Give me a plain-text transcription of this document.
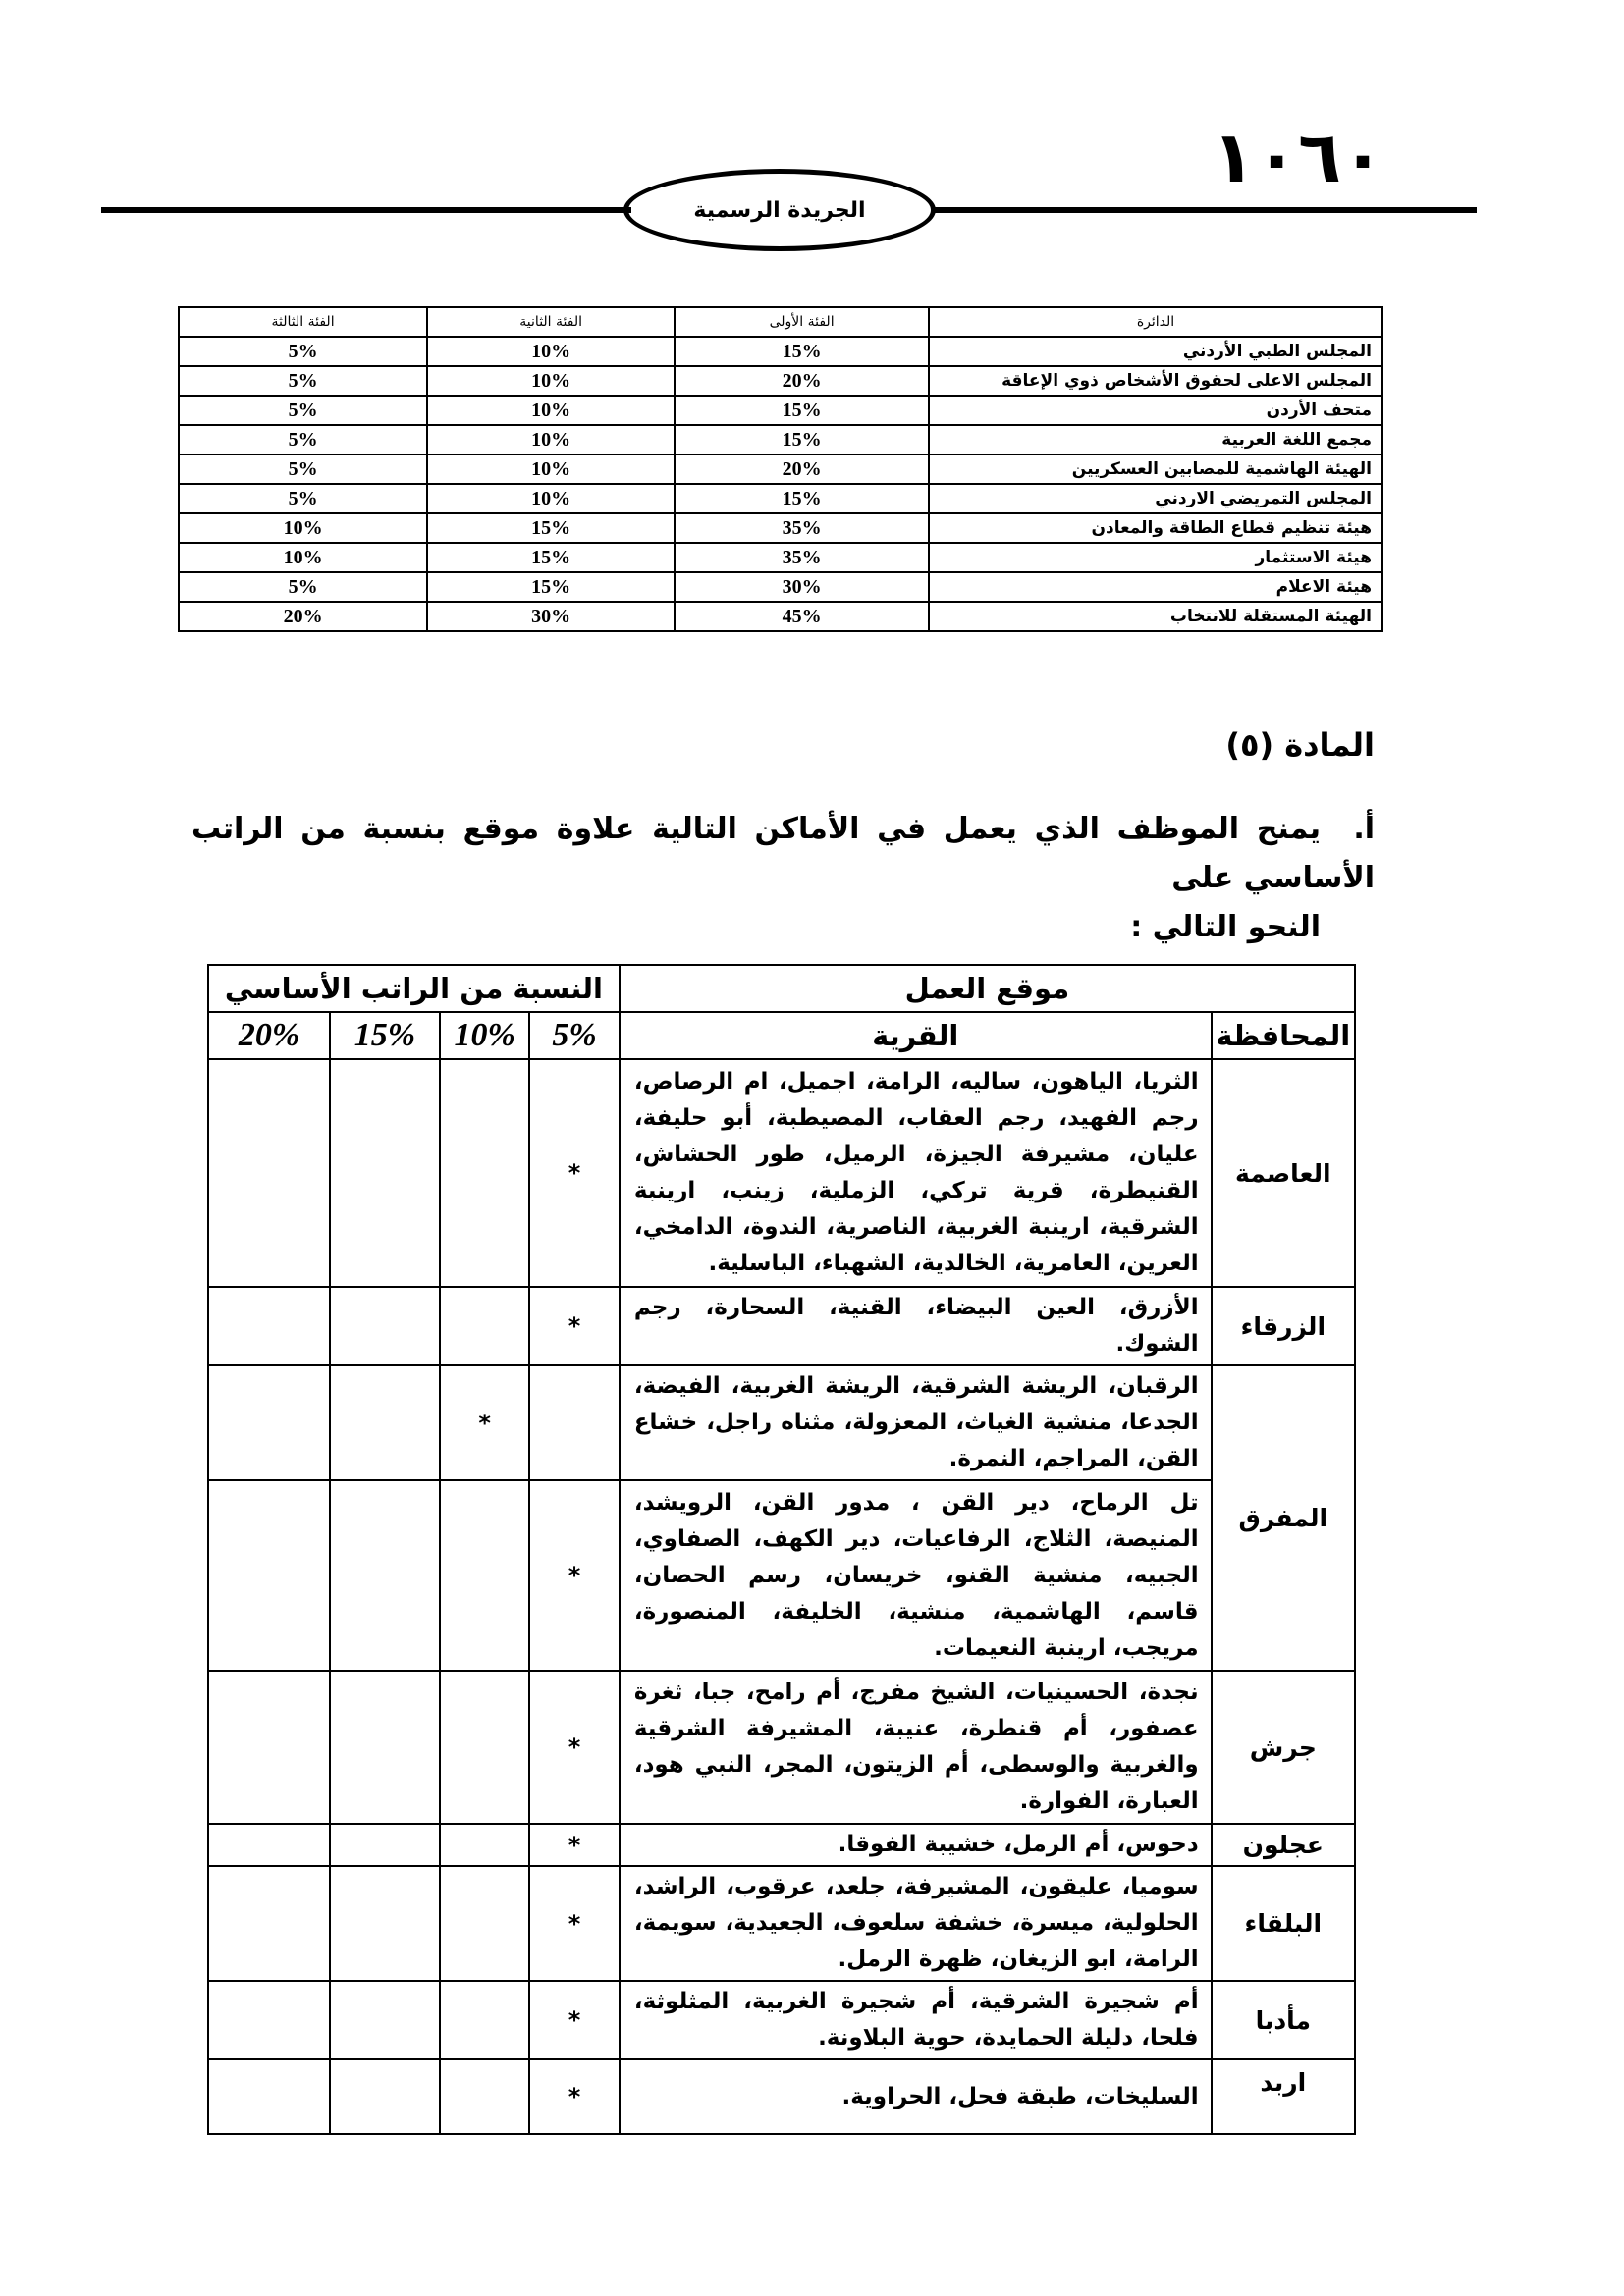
١٠٦٠
الجريدة الرسمية
الدائرة	الفئة الأولى	الفئة الثانية	الفئة الثالثة
المجلس الطبي الأردني	15%	10%	5%
المجلس الاعلى لحقوق الأشخاص ذوي الإعاقة	20%	10%	5%
متحف الأردن	15%	10%	5%
مجمع اللغة العربية	15%	10%	5%
الهيئة الهاشمية للمصابين العسكريين	20%	10%	5%
المجلس التمريضي الاردني	15%	10%	5%
هيئة تنظيم قطاع الطاقة والمعادن	35%	15%	10%
هيئة الاستثمار	35%	15%	10%
هيئة الاعلام	30%	15%	5%
الهيئة المستقلة للانتخاب	45%	30%	20%
المادة (٥)
أ.يمنح الموظف الذي يعمل في الأماكن التالية علاوة موقع بنسبة من الراتب الأساسي على
النحو التالي :
موقع العمل		النسبة من الراتب الأساسي			
المحافظة	القرية	5%	10%	15%	20%
العاصمة	الثريا، الياهون، ساليه، الرامة، اجميل، ام الرصاص، رجم الفهيد، رجم العقاب، المصيطبة، أبو حليفة، عليان، مشيرفة الجيزة، الرميل، طور الحشاش، القنيطرة، قرية تركي، الزملية، زينب، ارينبة الشرقية، ارينبة الغربية، الناصرية، الندوة، الدامخي، العرين، العامرية، الخالدية، الشهباء، الباسلية.	*			
الزرقاء	الأزرق، العين البيضاء، القنية، السحارة، رجم الشوك.	*			
المفرق	الرقبان، الريشة الشرقية، الريشة الغربية، الفيضة، الجدعا، منشية الغياث، المعزولة، مثناه راجل، خشاع القن، المراجم، النمرة.		*		
	تل الرماح، دير القن ، مدور القن، الرويشد، المنيصة، الثلاج، الرفاعيات، دير الكهف، الصفاوي، الجبيه، منشية القنو، خريسان، رسم الحصان، قاسم، الهاشمية، منشية، الخليفة، المنصورة، مريجب، ارينبة النعيمات.	*			
جرش	نجدة، الحسينيات، الشيخ مفرج، أم رامح، جبا، ثغرة عصفور، أم قنطرة، عنيبة، المشيرفة الشرقية والغربية والوسطى، أم الزيتون، المجر، النبي هود، العبارة، الفوارة.	*			
عجلون	دحوس، أم الرمل، خشيبة الفوقا.	*			
البلقاء	سوميا، عليقون، المشيرفة، جلعد، عرقوب، الراشد، الحلولية، ميسرة، خشفة سلعوف، الجعيدية، سويمة، الرامة، ابو الزيغان، ظهرة الرمل.	*			
مأدبا	أم شجيرة الشرقية، أم شجيرة الغربية، المثلوثة، فلحا، دليلة الحمايدة، حوية البلاونة.	*			
اربد	السليخات، طبقة فحل، الحراوية.	*			
